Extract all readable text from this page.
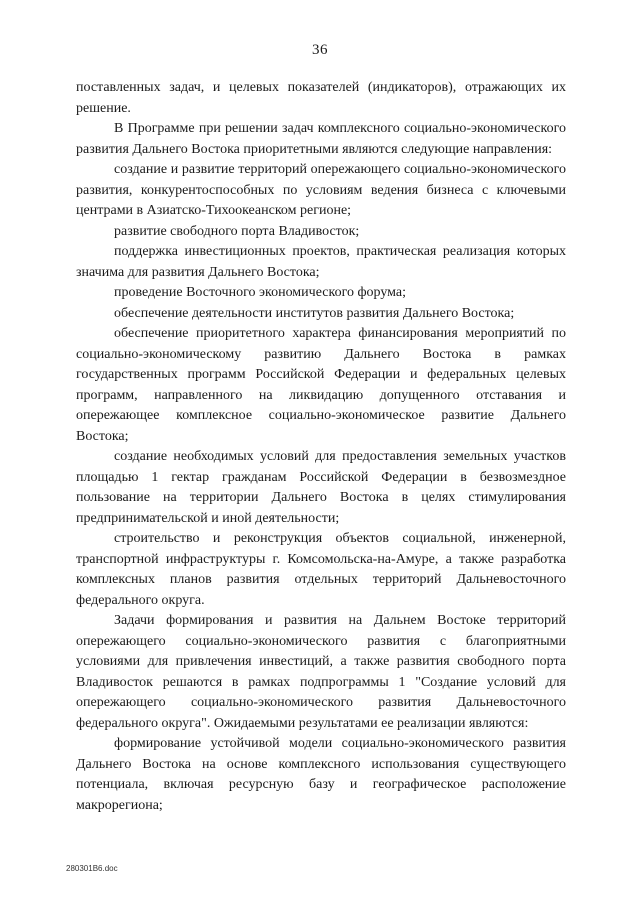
36

поставленных задач, и целевых показателей (индикаторов), отражающих их решение.

В Программе при решении задач комплексного социально-экономического развития Дальнего Востока приоритетными являются следующие направления:

создание и развитие территорий опережающего социально-экономического развития, конкурентоспособных по условиям ведения бизнеса с ключевыми центрами в Азиатско-Тихоокеанском регионе;

развитие свободного порта Владивосток;

поддержка инвестиционных проектов, практическая реализация которых значима для развития Дальнего Востока;

проведение Восточного экономического форума;

обеспечение деятельности институтов развития Дальнего Востока;

обеспечение приоритетного характера финансирования мероприятий по социально-экономическому развитию Дальнего Востока в рамках государственных программ Российской Федерации и федеральных целевых программ, направленного на ликвидацию допущенного отставания и опережающее комплексное социально-экономическое развитие Дальнего Востока;

создание необходимых условий для предоставления земельных участков площадью 1 гектар гражданам Российской Федерации в безвозмездное пользование на территории Дальнего Востока в целях стимулирования предпринимательской и иной деятельности;

строительство и реконструкция объектов социальной, инженерной, транспортной инфраструктуры г. Комсомольска-на-Амуре, а также разработка комплексных планов развития отдельных территорий Дальневосточного федерального округа.

Задачи формирования и развития на Дальнем Востоке территорий опережающего социально-экономического развития с благоприятными условиями для привлечения инвестиций, а также развития свободного порта Владивосток решаются в рамках подпрограммы 1 "Создание условий для опережающего социально-экономического развития Дальневосточного федерального округа". Ожидаемыми результатами ее реализации являются:

формирование устойчивой модели социально-экономического развития Дальнего Востока на основе комплексного использования существующего потенциала, включая ресурсную базу и географическое расположение макрорегиона;

280301B6.doc
